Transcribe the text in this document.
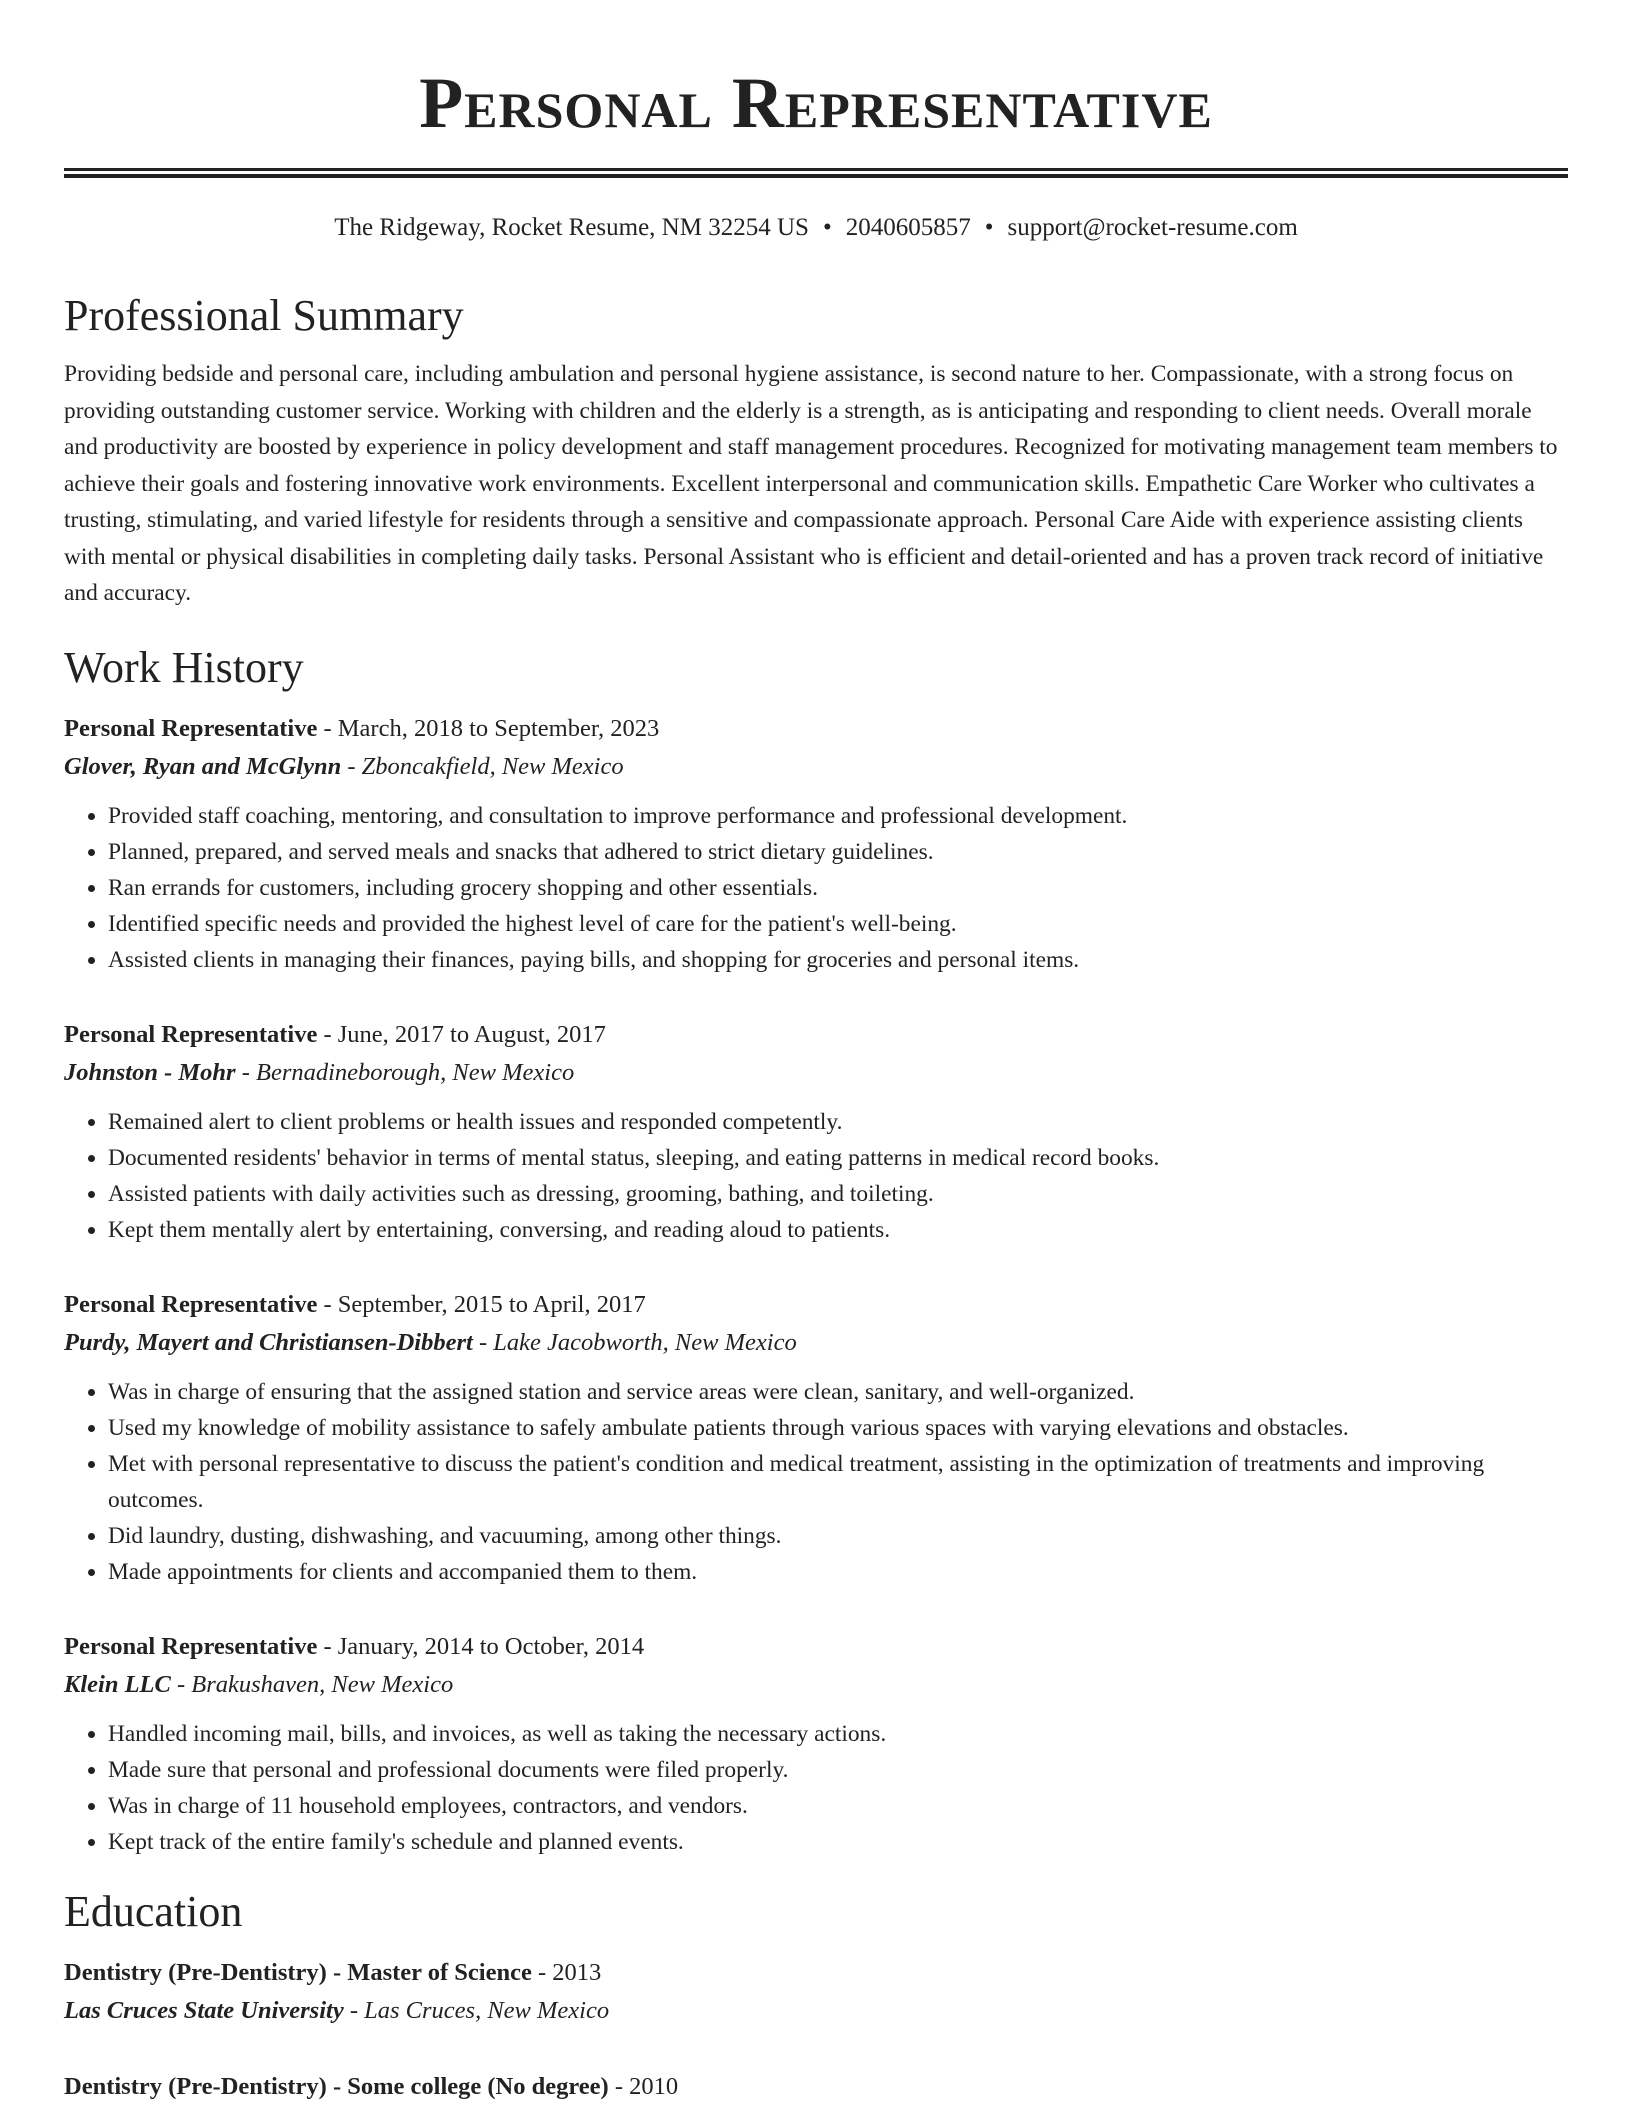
Personal Representative
The Ridgeway, Rocket Resume, NM 32254 US • 2040605857 • support@rocket-resume.com
Professional Summary
Providing bedside and personal care, including ambulation and personal hygiene assistance, is second nature to her. Compassionate, with a strong focus on providing outstanding customer service. Working with children and the elderly is a strength, as is anticipating and responding to client needs. Overall morale and productivity are boosted by experience in policy development and staff management procedures. Recognized for motivating management team members to achieve their goals and fostering innovative work environments. Excellent interpersonal and communication skills. Empathetic Care Worker who cultivates a trusting, stimulating, and varied lifestyle for residents through a sensitive and compassionate approach. Personal Care Aide with experience assisting clients with mental or physical disabilities in completing daily tasks. Personal Assistant who is efficient and detail-oriented and has a proven track record of initiative and accuracy.
Work History
Personal Representative - March, 2018 to September, 2023
Glover, Ryan and McGlynn - Zboncakfield, New Mexico
• Provided staff coaching, mentoring, and consultation to improve performance and professional development.
• Planned, prepared, and served meals and snacks that adhered to strict dietary guidelines.
• Ran errands for customers, including grocery shopping and other essentials.
• Identified specific needs and provided the highest level of care for the patient's well-being.
• Assisted clients in managing their finances, paying bills, and shopping for groceries and personal items.
Personal Representative - June, 2017 to August, 2017
Johnston - Mohr - Bernadineborough, New Mexico
• Remained alert to client problems or health issues and responded competently.
• Documented residents' behavior in terms of mental status, sleeping, and eating patterns in medical record books.
• Assisted patients with daily activities such as dressing, grooming, bathing, and toileting.
• Kept them mentally alert by entertaining, conversing, and reading aloud to patients.
Personal Representative - September, 2015 to April, 2017
Purdy, Mayert and Christiansen-Dibbert - Lake Jacobworth, New Mexico
• Was in charge of ensuring that the assigned station and service areas were clean, sanitary, and well-organized.
• Used my knowledge of mobility assistance to safely ambulate patients through various spaces with varying elevations and obstacles.
• Met with personal representative to discuss the patient's condition and medical treatment, assisting in the optimization of treatments and improving outcomes.
• Did laundry, dusting, dishwashing, and vacuuming, among other things.
• Made appointments for clients and accompanied them to them.
Personal Representative - January, 2014 to October, 2014
Klein LLC - Brakushaven, New Mexico
• Handled incoming mail, bills, and invoices, as well as taking the necessary actions.
• Made sure that personal and professional documents were filed properly.
• Was in charge of 11 household employees, contractors, and vendors.
• Kept track of the entire family's schedule and planned events.
Education
Dentistry (Pre-Dentistry) - Master of Science - 2013
Las Cruces State University - Las Cruces, New Mexico
Dentistry (Pre-Dentistry) - Some college (No degree) - 2010
